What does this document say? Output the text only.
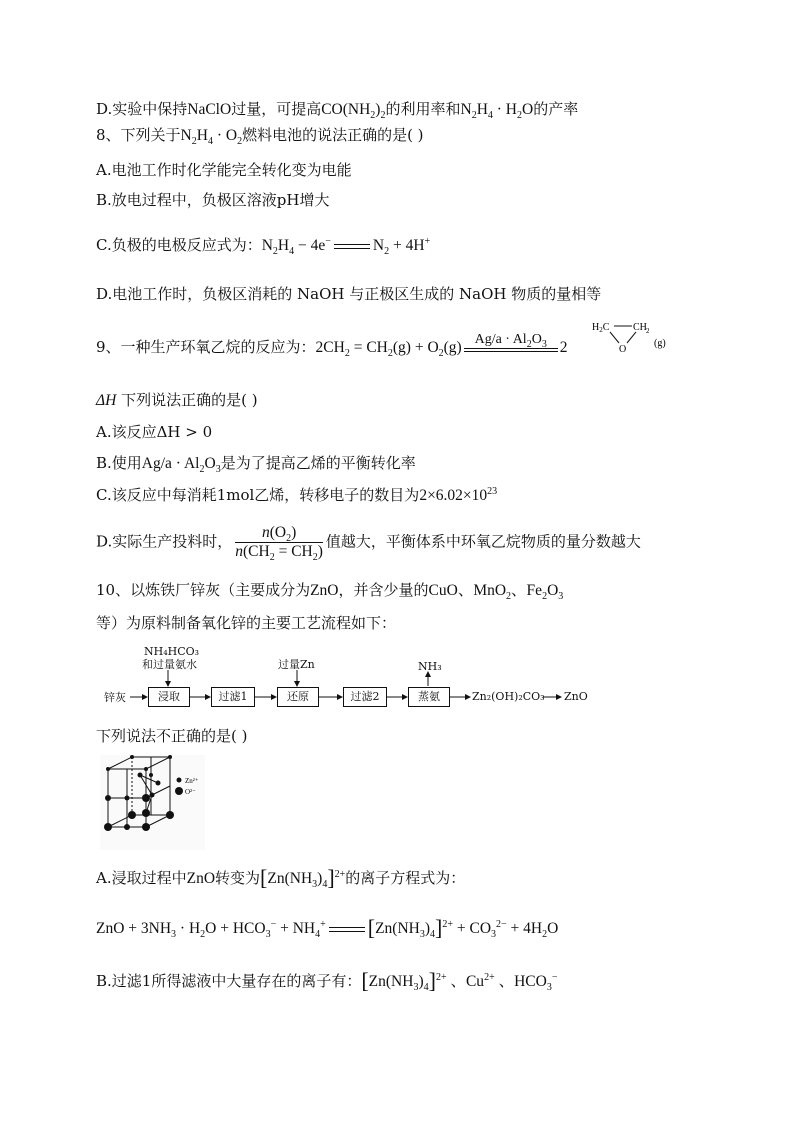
D.实验中保持NaClO过量，可提高$CO(NH_2)_2$的利用率和$N_2H_4 \cdot H_2O$的产率
8、下列关于$N_2H_4 \cdot O_2$燃料电池的说法正确的是( )
A.电池工作时化学能完全转化变为电能
B.放电过程中，负极区溶液pH增大
C.负极的电极反应式为：$N_2H_4 - 4e^-$	$N_2 + 4H^+$
D.电池工作时，负极区消耗的 NaOH 与正极区生成的 NaOH 物质的量相等
9、一种生产环氧乙烷的反应为：$2CH_2 = CH_2(g) + O_2(g) Ag/a \cdot Al_2O_3$ 2
$H_2C$ CH 2
O
(g)
ΔH 下列说法正确的是( )
A.该反应ΔH > 0
B.使用$Ag/a \cdot Al_2O_3$是为了提高乙烯的平衡转化率
C.该反应中每消耗1mol乙烯，转移电子的数目为$2\times 6.02\times 10^{23}$
D.实际生产投料时， $\frac{n(O_2)}{n(CH_2 = CH_2)}$ 值越大，平衡体系中环氧乙烷物质的量分数越大
10、以炼铁厂锌灰（主要成分为ZnO，并含少量的CuO、MnO$_2$、$Fe_2O_3$
等）为原料制备氧化锌的主要工艺流程如下：
NH₄HCO₃
和过量氨水	过量Zn	NH₃
锌灰	浸取	过滤1	还原	过滤2	蒸氨	Zn₂(OH)₂CO₃ ZnO
下列说法不正确的是( )
Zn²⁺
O²⁻
A.浸取过程中ZnO转变为$[Zn(NH_3)_4]^{2+}$的离子方程式为：
ZnO + $3NH_3 \cdot H_2O + HCO_3^- + NH_4^+$ $[Zn(NH_3)_4]^{2+} + CO_3^{2-} + 4H_2O$
B.过滤1所得滤液中大量存在的离子有：$[Zn(NH_3)_4]^{2+}$ 、$Cu^{2+}$ 、$HCO_3^-$
